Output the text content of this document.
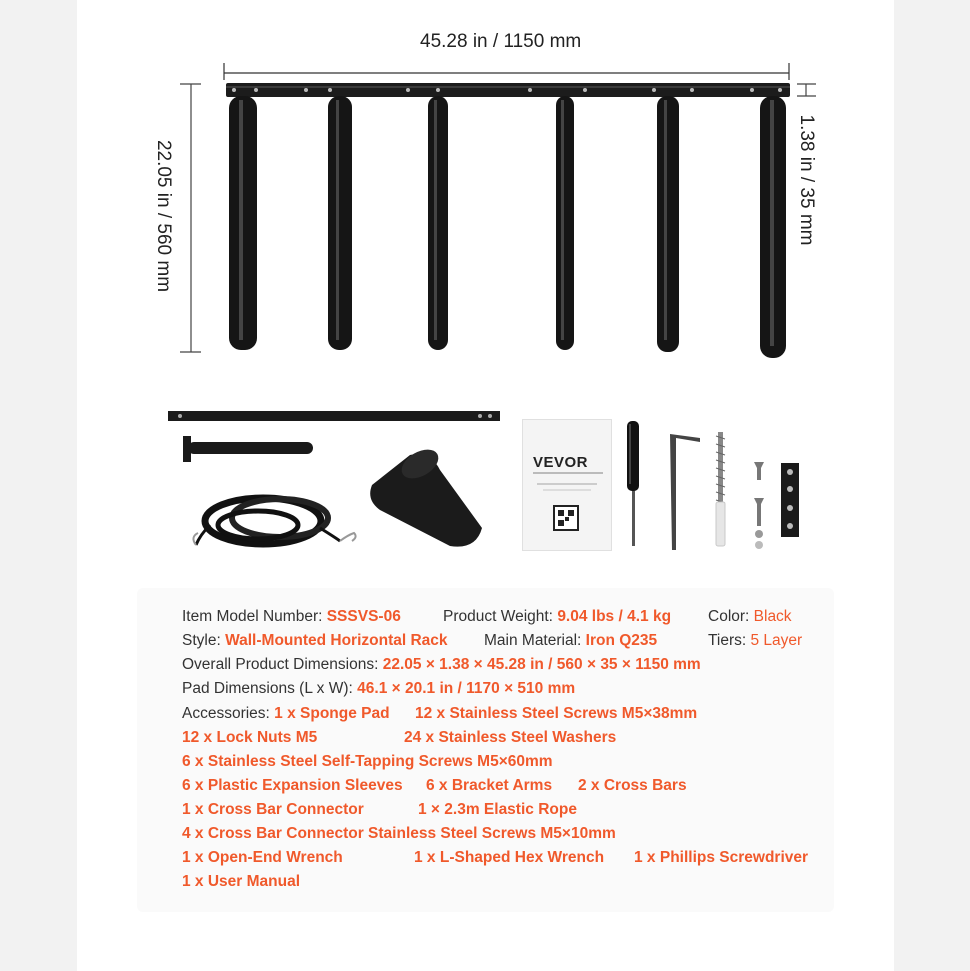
45.28 in / 1150 mm
22.05 in / 560 mm	1.38 in / 35 mm
VEVOR
Item Model Number: SSSVS-06	Product Weight: 9.04 lbs / 4.1 kg Color: Black
Style: Wall-Mounted Horizontal Rack Main Material: Iron Q235	Tiers: 5 Layer
Overall Product Dimensions: 22.05 × 1.38 × 45.28 in / 560 × 35 × 1150 mm
Pad Dimensions (L x W): 46.1 × 20.1 in / 1170 × 510 mm
Accessories: 1 x Sponge Pad 12 x Stainless Steel Screws M5×38mm
12 x Lock Nuts M5	24 x Stainless Steel Washers
6 x Stainless Steel Self-Tapping Screws M5×60mm
6 x Plastic Expansion Sleeves 6 x Bracket Arms 2 x Cross Bars
1 x Cross Bar Connector	1 × 2.3m Elastic Rope
4 x Cross Bar Connector Stainless Steel Screws M5×10mm
1 x Open-End Wrench	1 x L-Shaped Hex Wrench 1 x Phillips Screwdriver
1 x User Manual
